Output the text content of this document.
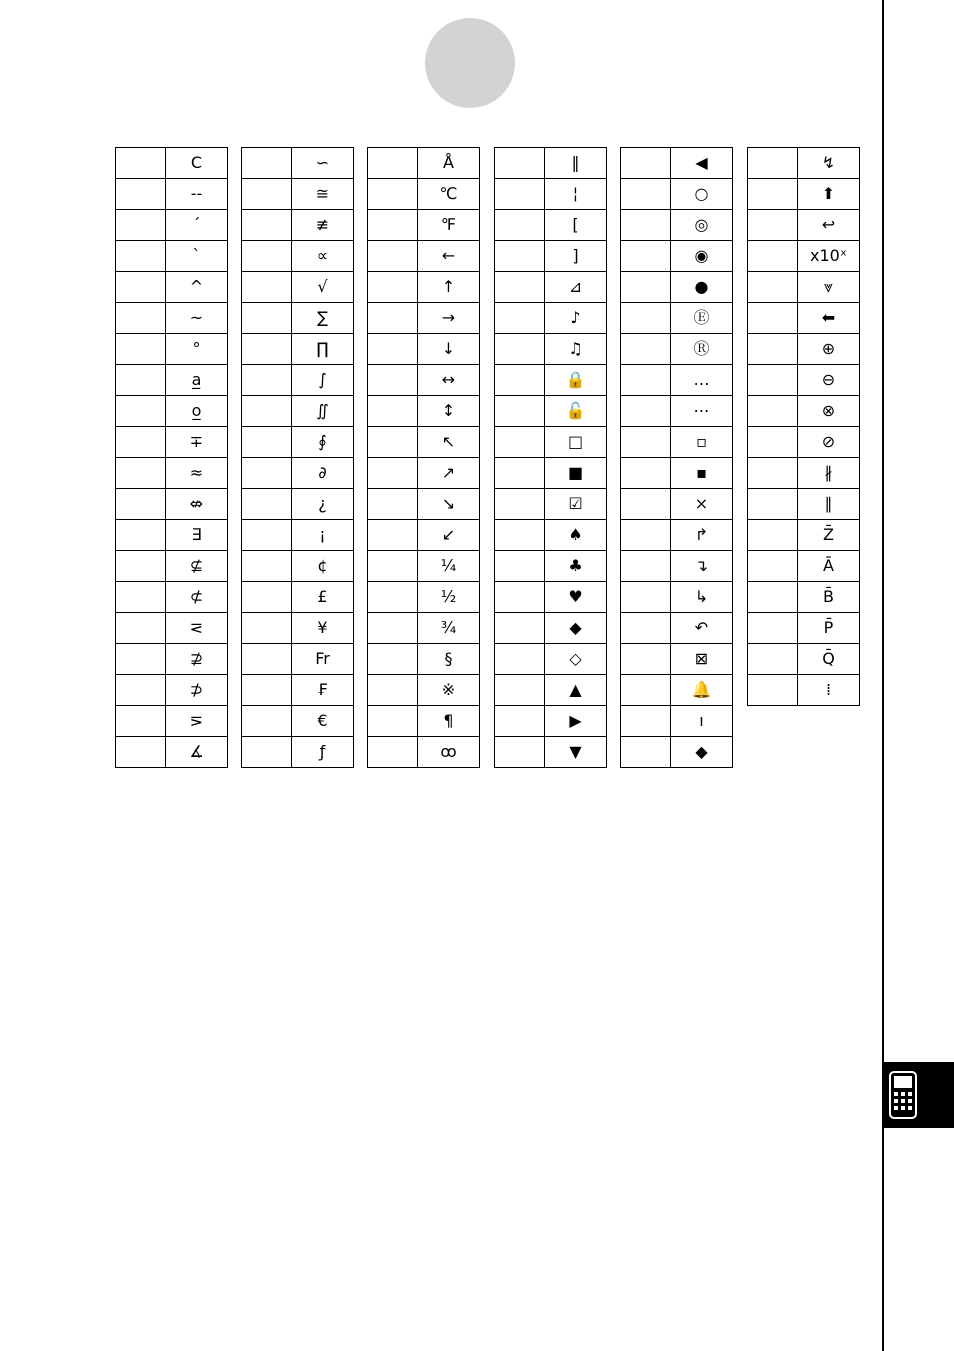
	C
	--
	´
	`
	^
	~
	°
	a̲
	o̲
	∓
	≈
	⇎
	∃
	⊈
	⊄
	⋜
	⊉
	⊅
	⋝
	∡
	∽
	≅
	≢
	∝
	√
	∑
	∏
	∫
	∬
	∮
	∂
	¿
	¡
	¢
	£
	¥
	Fr
	₣
	€
	ƒ
	Å
	℃
	℉
	←
	↑
	→
	↓
	↔
	↕
	↖
	↗
	↘
	↙
	¼
	½
	¾
	§
	※
	¶
	ꝏ
	‖
	¦
	[
	]
	⊿
	♪
	♫
	🔒
	🔓
	□
	■
	☑
	♠
	♣
	♥
	◆
	◇
	▲
	▶
	▼
	◀
	○
	◎
	◉
	●
	Ⓔ
	Ⓡ
	…
	⋯
	▫
	▪
	×
	↱
	↴
	↳
	↶
	⊠
	🔔
	ı
	◆
	↯
	⬆
	↩
	x10ˣ
	⩔
	⬅
	⊕
	⊖
	⊗
	⊘
	∦
	∥
	Z̄
	Ā
	B̄
	P̄
	Q̄
	⁞
